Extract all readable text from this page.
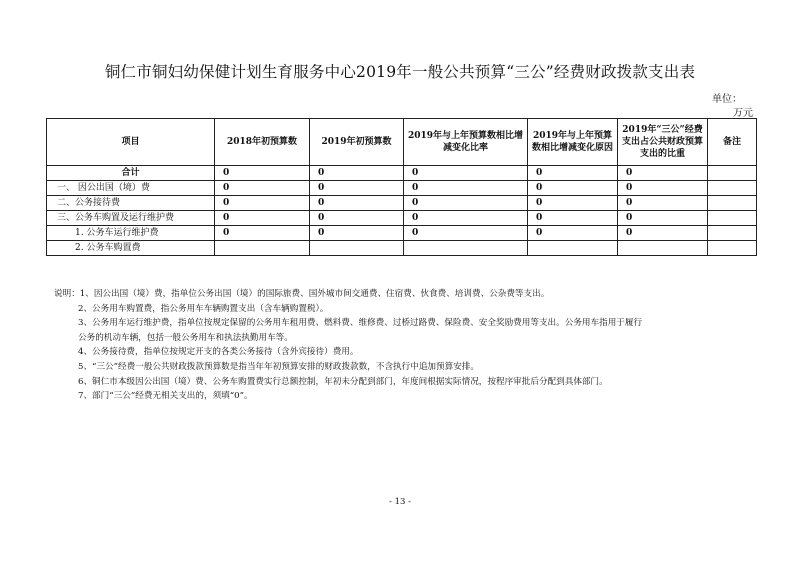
铜仁市铜妇幼保健计划生育服务中心2019年一般公共预算“三公”经费财政拨款支出表
单位：
万元
项目	2018年初预算数	2019年初预算数	2019年与上年预算数相比增减变化比率	2019年与上年预算数相比增减变化原因	2019年“三公”经费支出占公共财政预算支出的比重	备注
合计	0	0	0	0	0	
一、 因公出国（境）费	0	0	0	0	0	
二、公务接待费	0	0	0	0	0	
三、公务车购置及运行维护费	0	0	0	0	0	
1. 公务车运行维护费	0	0	0	0	0	
2. 公务车购置费						
说明：1、因公出国（境）费，指单位公务出国（境）的国际旅费、国外城市间交通费、住宿费、伙食费、培训费、公杂费等支出。
2、公务用车购置费，指公务用车车辆购置支出（含车辆购置税）。
3、公务用车运行维护费，指单位按规定保留的公务用车租用费、燃料费、维修费、过桥过路费、保险费、安全奖励费用等支出。公务用车指用于履行
公务的机动车辆，包括一般公务用车和执法执勤用车等。
4、公务接待费，指单位按规定开支的各类公务接待（含外宾接待）费用。
5、“三公”经费一般公共财政拨款预算数是指当年年初预算安排的财政拨款数，不含执行中追加预算安排。
6、铜仁市本级因公出国（境）费、公务车购置费实行总额控制，年初未分配到部门，年度间根据实际情况，按程序审批后分配到具体部门。
7、部门“三公”经费无相关支出的，须填“0”。
- 13 -
